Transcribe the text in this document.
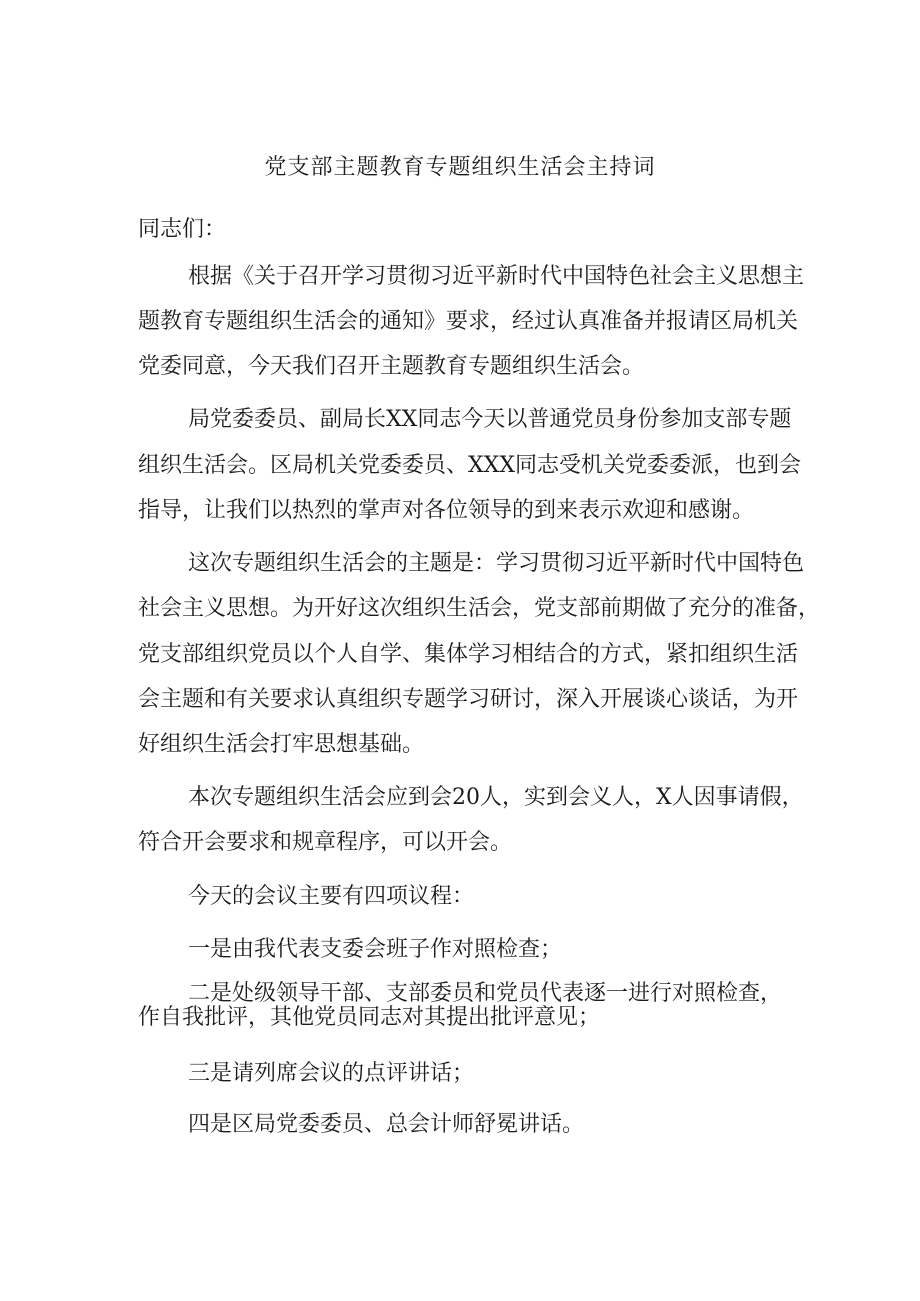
党支部主题教育专题组织生活会主持词
同志们：
根据《关于召开学习贯彻习近平新时代中国特色社会主义思想主
题教育专题组织生活会的通知》要求，经过认真准备并报请区局机关
党委同意，今天我们召开主题教育专题组织生活会。
局党委委员、副局长XX同志今天以普通党员身份参加支部专题
组织生活会。区局机关党委委员、XXX同志受机关党委委派，也到会
指导，让我们以热烈的掌声对各位领导的到来表示欢迎和感谢。
这次专题组织生活会的主题是：学习贯彻习近平新时代中国特色
社会主义思想。为开好这次组织生活会，党支部前期做了充分的准备，
党支部组织党员以个人自学、集体学习相结合的方式，紧扣组织生活
会主题和有关要求认真组织专题学习研讨，深入开展谈心谈话，为开
好组织生活会打牢思想基础。
本次专题组织生活会应到会20人，实到会义人，X人因事请假，
符合开会要求和规章程序，可以开会。
今天的会议主要有四项议程：
一是由我代表支委会班子作对照检查；
二是处级领导干部、支部委员和党员代表逐一进行对照检查，
作自我批评，其他党员同志对其提出批评意见；
三是请列席会议的点评讲话；
四是区局党委委员、总会计师舒冕讲话。
